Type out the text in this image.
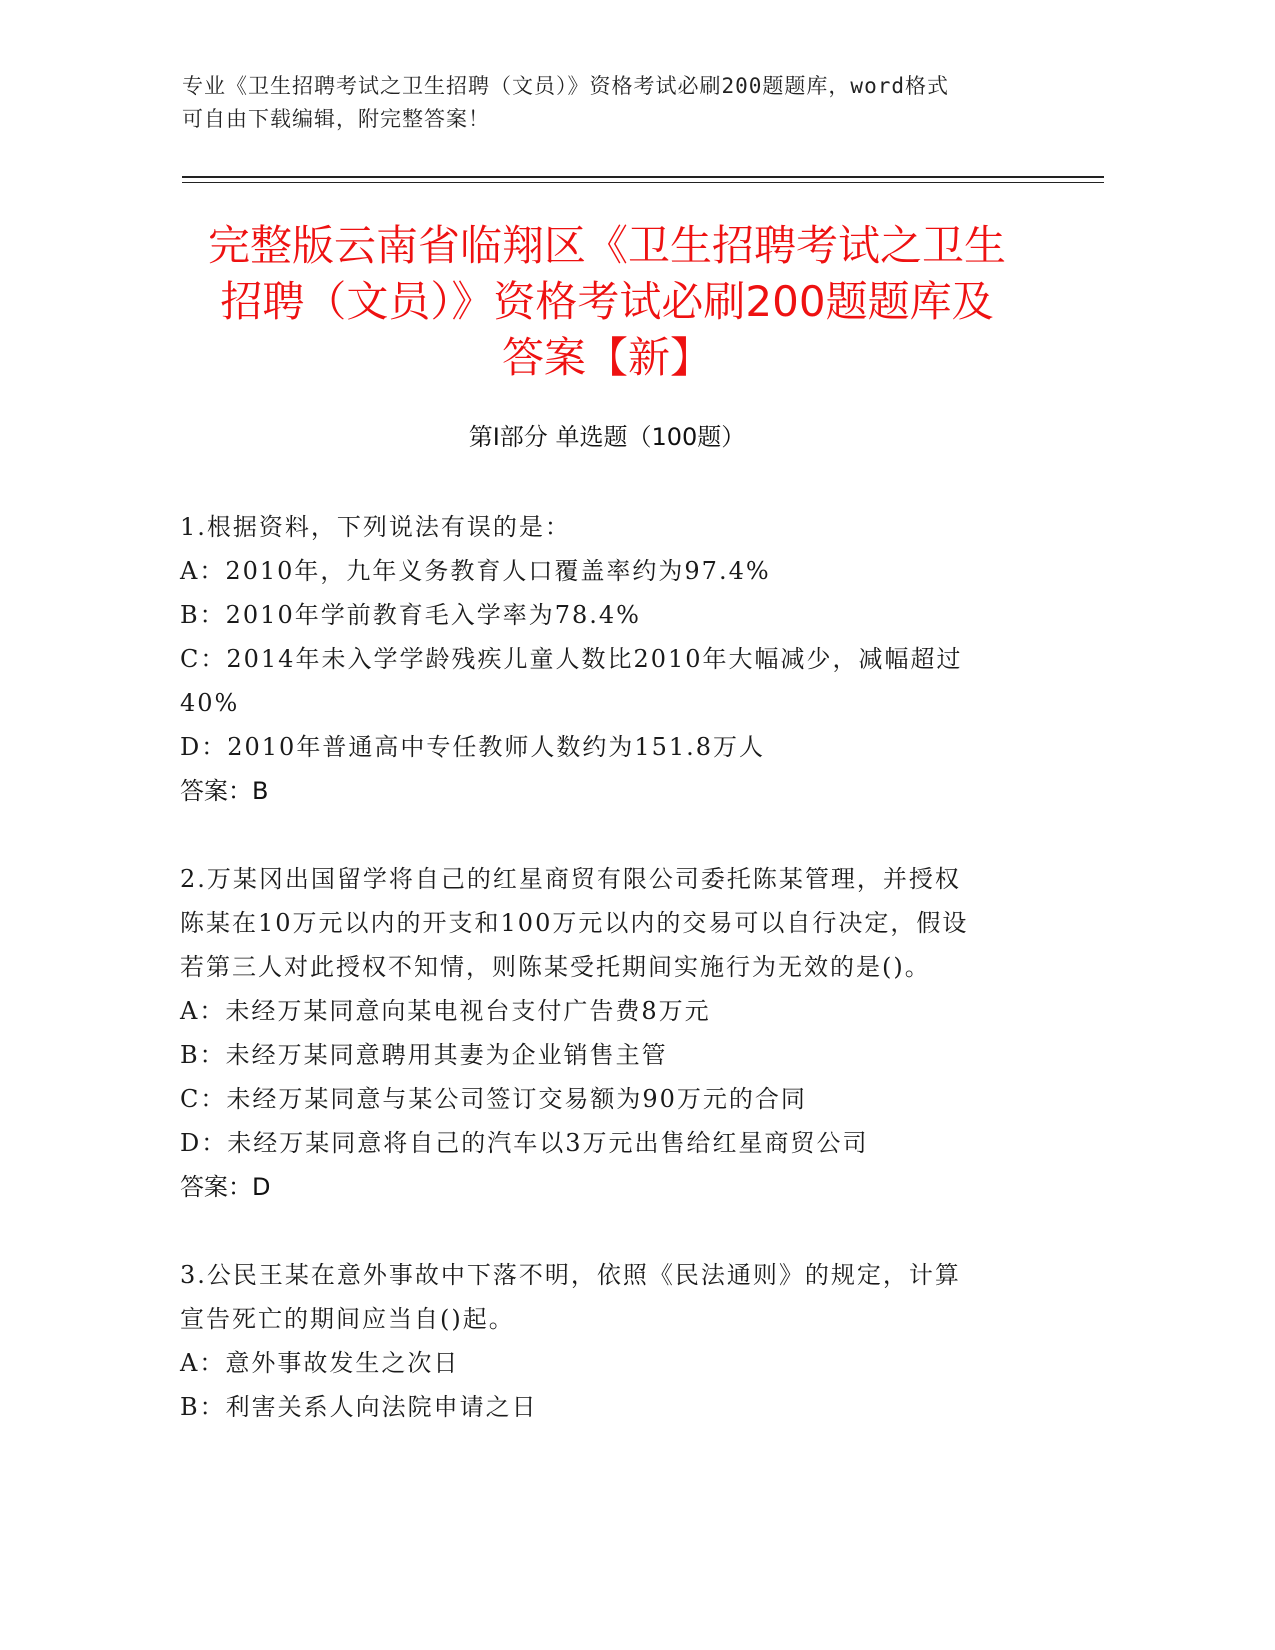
专业《卫生招聘考试之卫生招聘（文员）》资格考试必刷200题题库，word格式
可自由下载编辑，附完整答案！
完整版云南省临翔区《卫生招聘考试之卫生
招聘（文员）》资格考试必刷200题题库及
答案【新】
第Ⅰ部分 单选题（100题）
1.根据资料，下列说法有误的是：
A：2010年，九年义务教育人口覆盖率约为97.4%
B：2010年学前教育毛入学率为78.4%
C：2014年未入学学龄残疾儿童人数比2010年大幅减少，减幅超过
40%
D：2010年普通高中专任教师人数约为151.8万人
答案：B
2.万某冈出国留学将自己的红星商贸有限公司委托陈某管理，并授权
陈某在10万元以内的开支和100万元以内的交易可以自行决定，假设
若第三人对此授权不知情，则陈某受托期间实施行为无效的是()。
A：未经万某同意向某电视台支付广告费8万元
B：未经万某同意聘用其妻为企业销售主管
C：未经万某同意与某公司签订交易额为90万元的合同
D：未经万某同意将自己的汽车以3万元出售给红星商贸公司
答案：D
3.公民王某在意外事故中下落不明，依照《民法通则》的规定，计算
宣告死亡的期间应当自()起。
A：意外事故发生之次日
B：利害关系人向法院申请之日
